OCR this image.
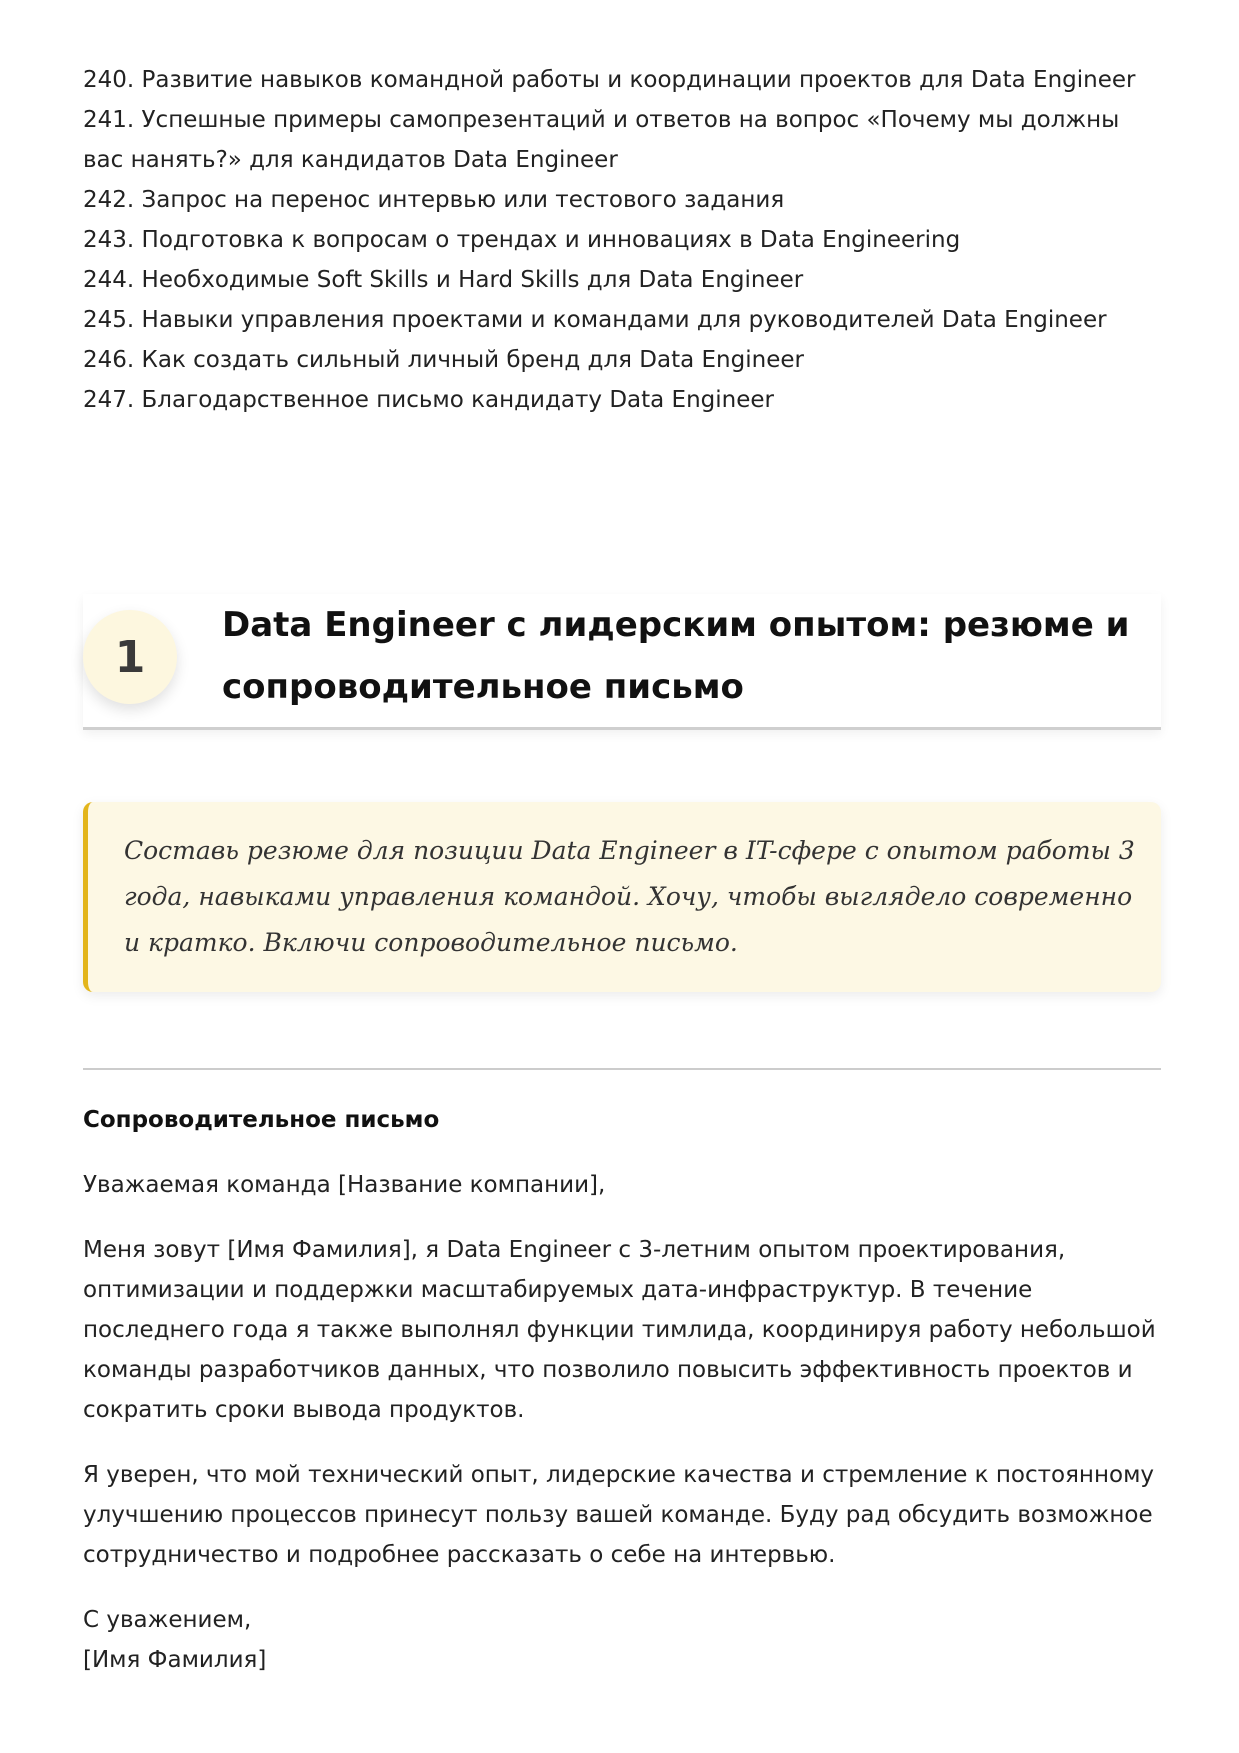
240. Развитие навыков командной работы и координации проектов для Data Engineer
241. Успешные примеры самопрезентаций и ответов на вопрос «Почему мы должны вас нанять?» для кандидатов Data Engineer
242. Запрос на перенос интервью или тестового задания
243. Подготовка к вопросам о трендах и инновациях в Data Engineering
244. Необходимые Soft Skills и Hard Skills для Data Engineer
245. Навыки управления проектами и командами для руководителей Data Engineer
246. Как создать сильный личный бренд для Data Engineer
247. Благодарственное письмо кандидату Data Engineer
1
Data Engineer с лидерским опытом: резюме и сопроводительное письмо
Составь резюме для позиции Data Engineer в IT-сфере с опытом работы 3 года, навыками управления командой. Хочу, чтобы выглядело современно и кратко. Включи сопроводительное письмо.
Сопроводительное письмо

Уважаемая команда [Название компании],

Меня зовут [Имя Фамилия], я Data Engineer с 3-летним опытом проектирования, оптимизации и поддержки масштабируемых дата-инфраструктур. В течение последнего года я также выполнял функции тимлида, координируя работу небольшой команды разработчиков данных, что позволило повысить эффективность проектов и сократить сроки вывода продуктов.

Я уверен, что мой технический опыт, лидерские качества и стремление к постоянному улучшению процессов принесут пользу вашей команде. Буду рад обсудить возможное сотрудничество и подробнее рассказать о себе на интервью.

С уважением,
[Имя Фамилия]
